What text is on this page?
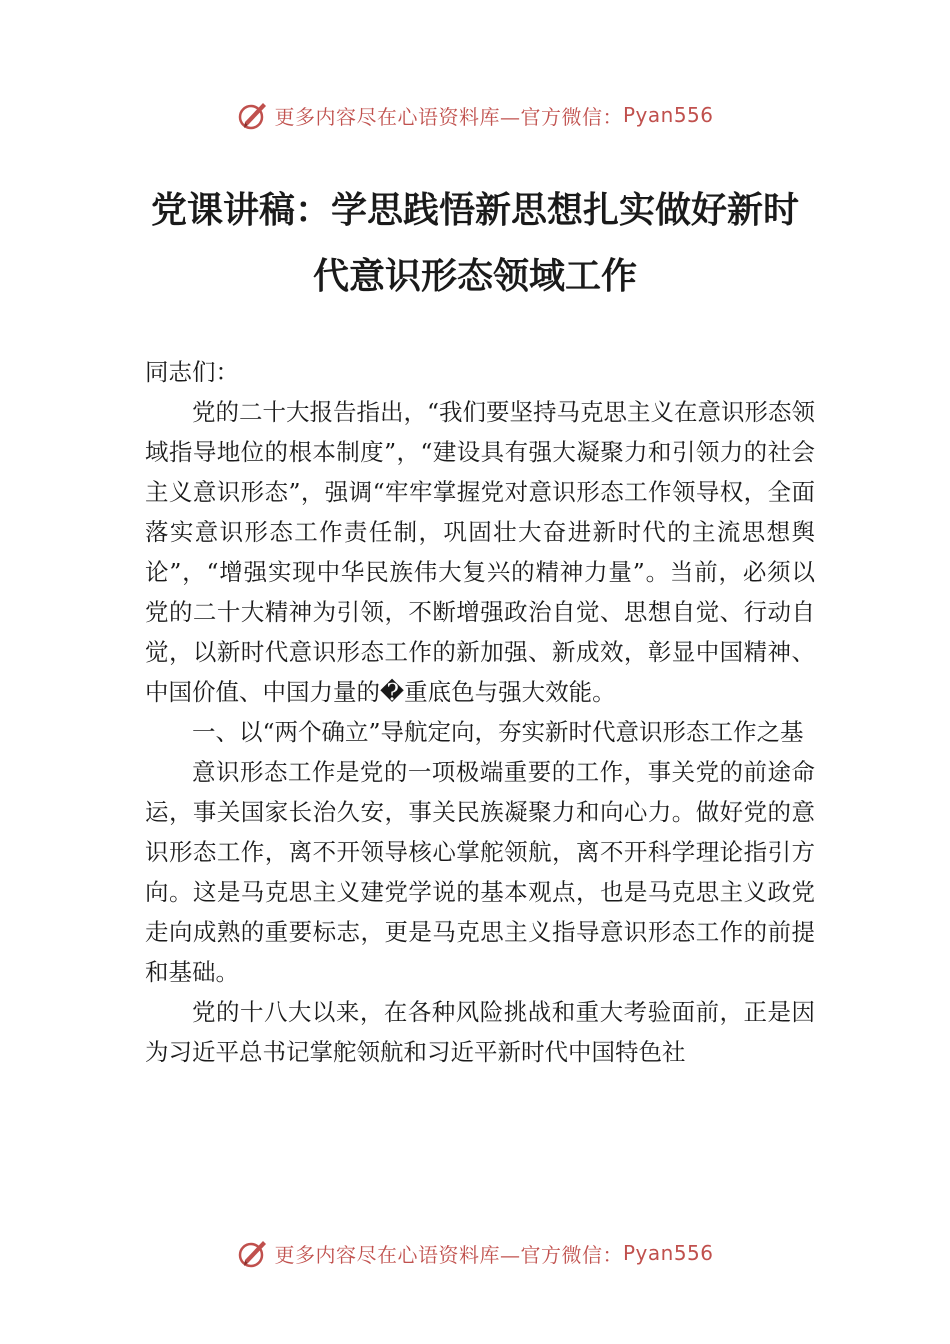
更多内容尽在心语资料库—官方微信： Pyan556
党课讲稿：学思践悟新思想扎实做好新时
代意识形态领域工作

同志们：

党的二十大报告指出，“我们要坚持马克思主义在意识形态领域指导地位的根本制度”，“建设具有强大凝聚力和引领力的社会主义意识形态”，强调“牢牢掌握党对意识形态工作领导权，全面落实意识形态工作责任制，巩固壮大奋进新时代的主流思想舆论”，“增强实现中华民族伟大复兴的精神力量”。当前，必须以党的二十大精神为引领，不断增强政治自觉、思想自觉、行动自觉，以新时代意识形态工作的新加强、新成效，彰显中国精神、中国价值、中国力量的�重底色与强大效能。

一、以“两个确立”导航定向，夯实新时代意识形态工作之基

意识形态工作是党的一项极端重要的工作，事关党的前途命运，事关国家长治久安，事关民族凝聚力和向心力。做好党的意识形态工作，离不开领导核心掌舵领航，离不开科学理论指引方向。这是马克思主义建党学说的基本观点，也是马克思主义政党走向成熟的重要标志，更是马克思主义指导意识形态工作的前提和基础。

党的十八大以来，在各种风险挑战和重大考验面前，正是因为习近平总书记掌舵领航和习近平新时代中国特色社

更多内容尽在心语资料库—官方微信： Pyan556
